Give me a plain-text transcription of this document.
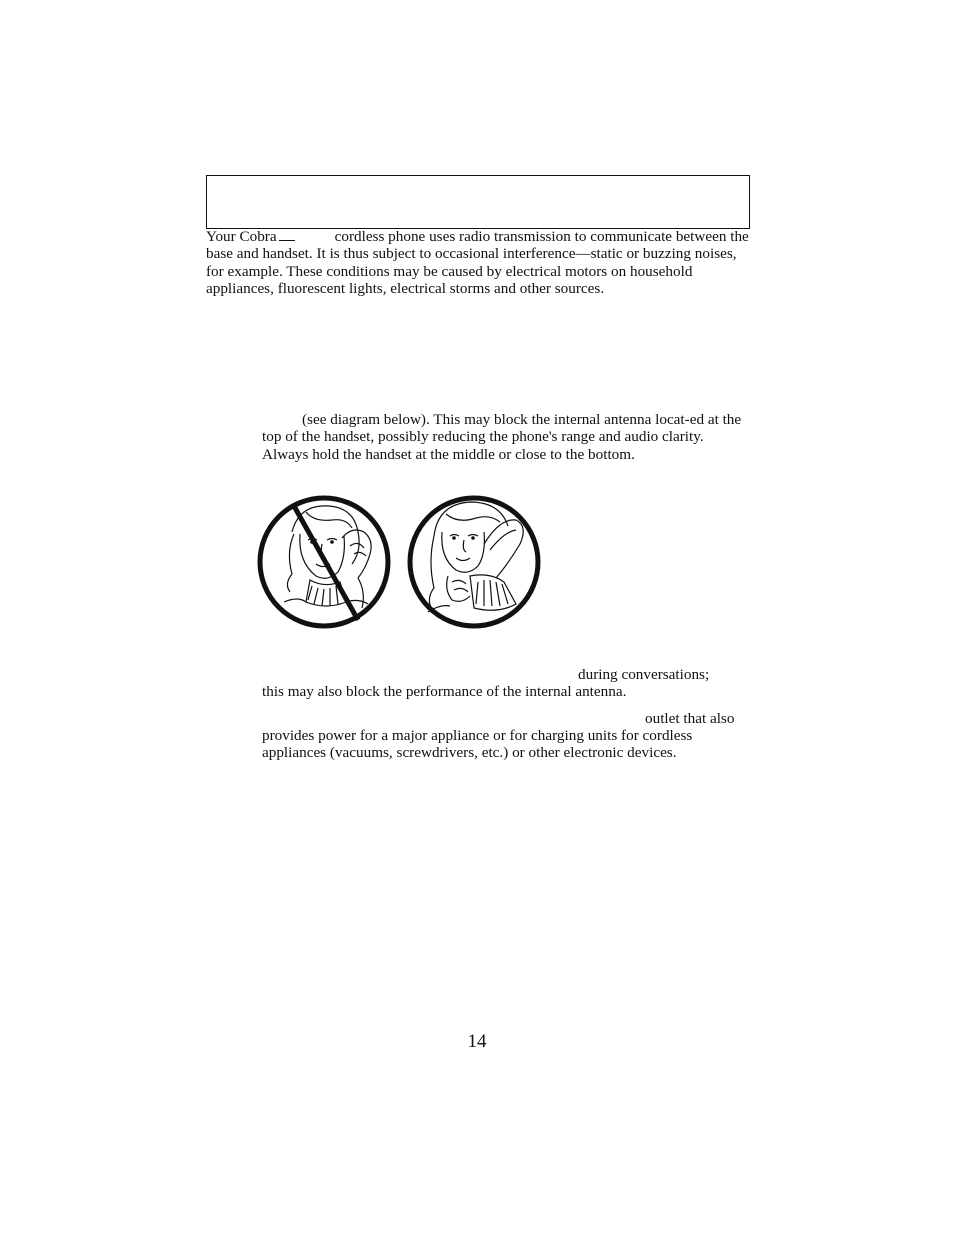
Your Cobra	cordless phone uses radio transmission to communicate between the base and handset. It is thus subject to occasional interference—static or buzzing noises, for example. These conditions may be caused by electrical motors on household appliances, fluorescent lights, electrical storms and other sources.

(see diagram below). This may block the internal antenna locat-ed at the top of the handset, possibly reducing the phone's range and audio clarity. Always hold the handset at the middle or close to the bottom.

during conversations;

this may also block the performance of the internal antenna.

outlet that also

provides power for a major appliance or for charging units for cordless appliances (vacuums, screwdrivers, etc.) or other electronic devices.

14
